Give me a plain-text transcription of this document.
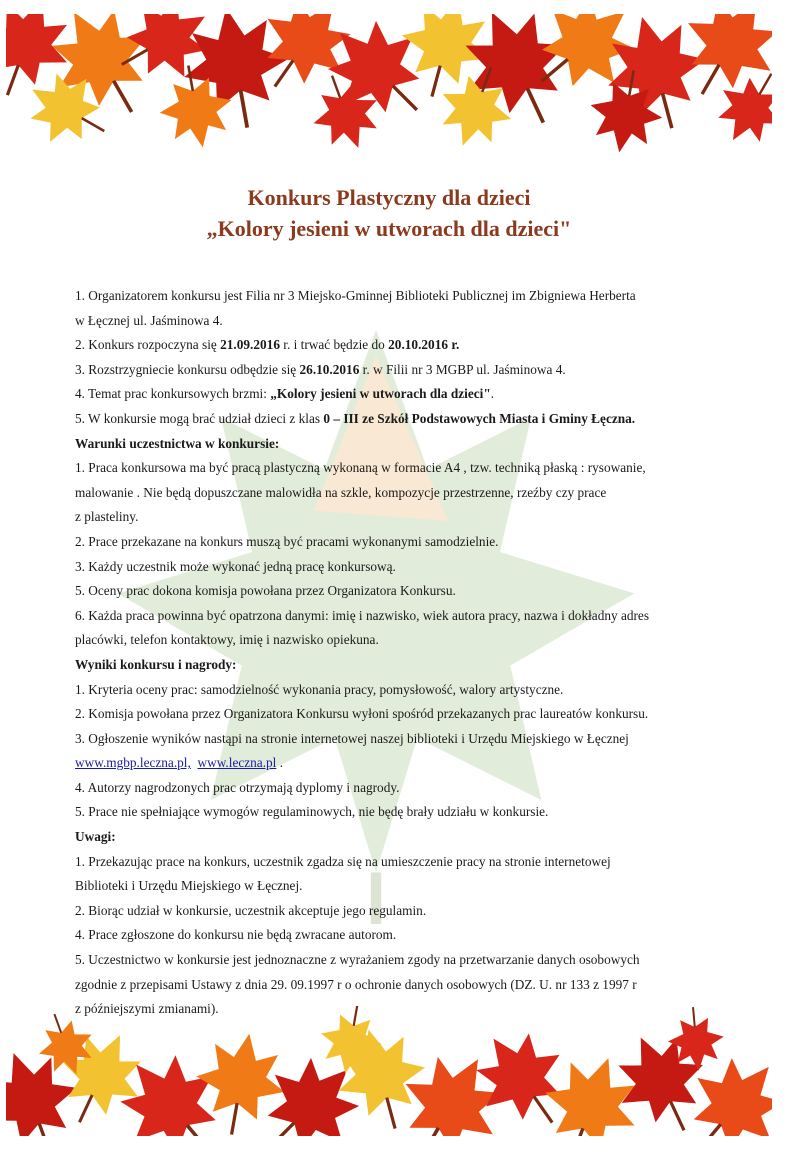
Konkurs Plastyczny dla dzieci

„Kolory jesieni w utworach dla dzieci"

1. Organizatorem konkursu jest Filia nr 3 Miejsko-Gminnej Biblioteki Publicznej im Zbigniewa Herberta

w Łęcznej ul. Jaśminowa 4.

2. Konkurs rozpoczyna się 21.09.2016 r. i trwać będzie do 20.10.2016 r.

3. Rozstrzygniecie konkursu odbędzie się 26.10.2016 r. w Filii nr 3 MGBP ul. Jaśminowa 4.

4. Temat prac konkursowych brzmi: „Kolory jesieni w utworach dla dzieci".

5. W konkursie mogą brać udział dzieci z klas 0 – III ze Szkół Podstawowych Miasta i Gminy Łęczna.

Warunki uczestnictwa w konkursie:

1. Praca konkursowa ma być pracą plastyczną wykonaną w formacie A4 , tzw. techniką płaską : rysowanie,

malowanie . Nie będą dopuszczane malowidła na szkle, kompozycje przestrzenne, rzeźby czy prace

z plasteliny.

2. Prace przekazane na konkurs muszą być pracami wykonanymi samodzielnie.

3. Każdy uczestnik może wykonać jedną pracę konkursową.

5. Oceny prac dokona komisja powołana przez Organizatora Konkursu.

6. Każda praca powinna być opatrzona danymi: imię i nazwisko, wiek autora pracy, nazwa i dokładny adres

placówki, telefon kontaktowy, imię i nazwisko opiekuna.

Wyniki konkursu i nagrody:

1. Kryteria oceny prac: samodzielność wykonania pracy, pomysłowość, walory artystyczne.

2. Komisja powołana przez Organizatora Konkursu wyłoni spośród przekazanych prac laureatów konkursu.

3. Ogłoszenie wyników nastąpi na stronie internetowej naszej biblioteki i Urzędu Miejskiego w Łęcznej

www.mgbp.leczna.pl, www.leczna.pl .

4. Autorzy nagrodzonych prac otrzymają dyplomy i nagrody.

5. Prace nie spełniające wymogów regulaminowych, nie będę brały udziału w konkursie.

Uwagi:

1. Przekazując prace na konkurs, uczestnik zgadza się na umieszczenie pracy na stronie internetowej

Biblioteki i Urzędu Miejskiego w Łęcznej.

2. Biorąc udział w konkursie, uczestnik akceptuje jego regulamin.

4. Prace zgłoszone do konkursu nie będą zwracane autorom.

5. Uczestnictwo w konkursie jest jednoznaczne z wyrażaniem zgody na przetwarzanie danych osobowych

zgodnie z przepisami Ustawy z dnia 29. 09.1997 r o ochronie danych osobowych (DZ. U. nr 133 z 1997 r

z późniejszymi zmianami).
